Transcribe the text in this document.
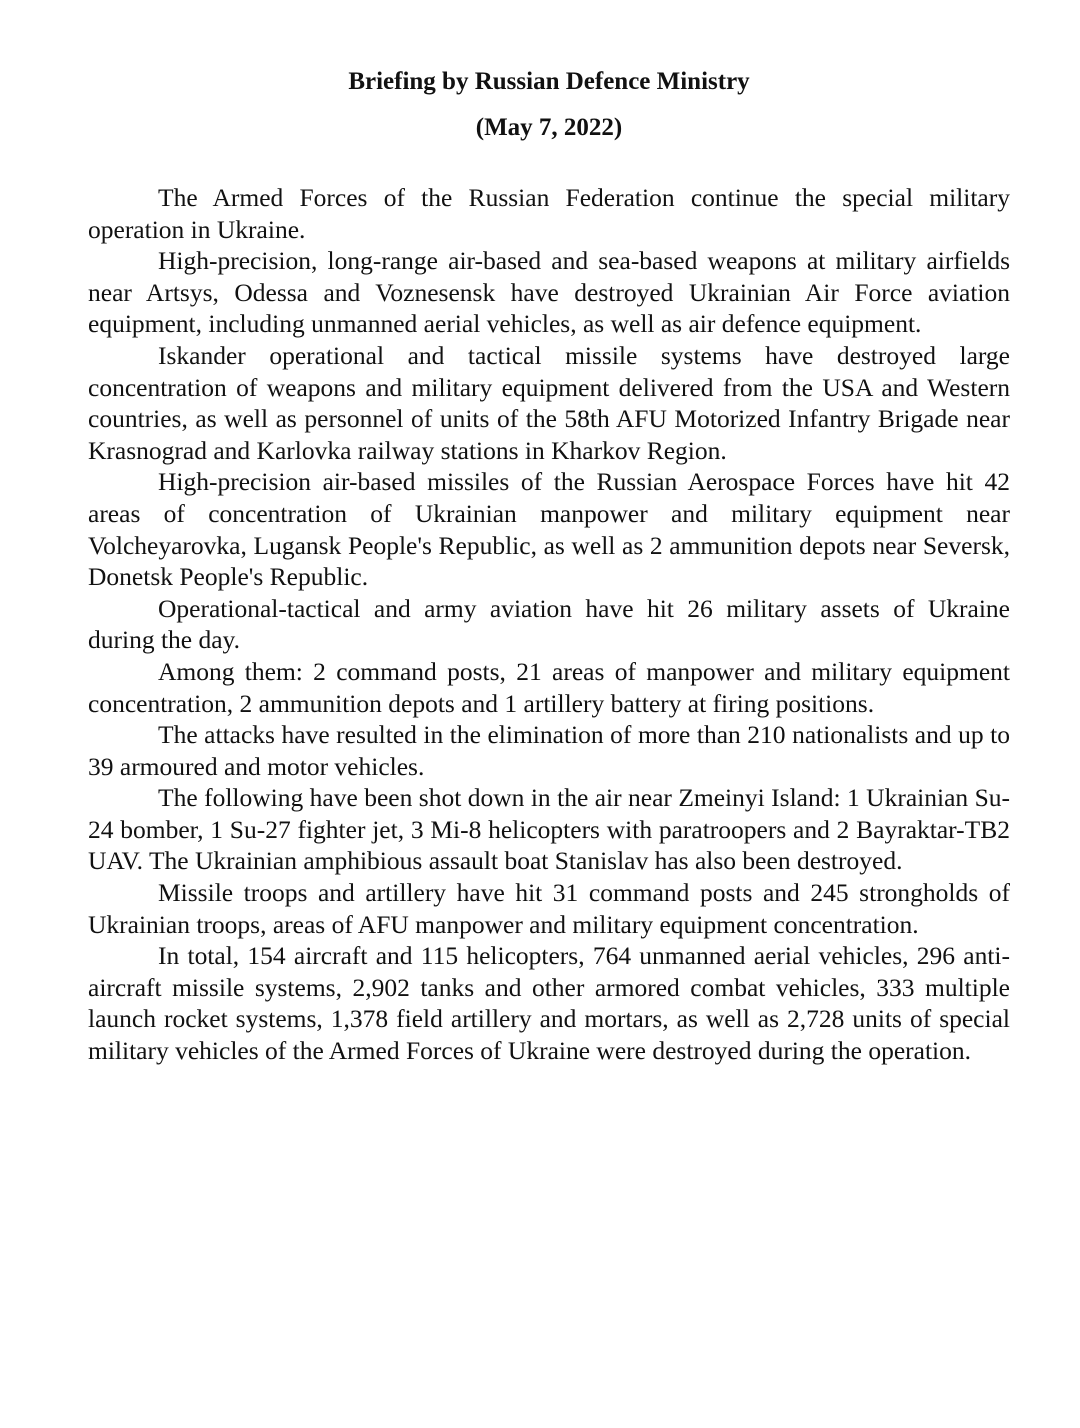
Briefing by Russian Defence Ministry
(May 7, 2022)

The Armed Forces of the Russian Federation continue the special military operation in Ukraine.

High-precision, long-range air-based and sea-based weapons at military airfields near Artsys, Odessa and Voznesensk have destroyed Ukrainian Air Force aviation equipment, including unmanned aerial vehicles, as well as air defence equipment.

Iskander operational and tactical missile systems have destroyed large concentration of weapons and military equipment delivered from the USA and Western countries, as well as personnel of units of the 58th AFU Motorized Infantry Brigade near Krasnograd and Karlovka railway stations in Kharkov Region.

High-precision air-based missiles of the Russian Aerospace Forces have hit 42 areas of concentration of Ukrainian manpower and military equipment near Volcheyarovka, Lugansk People's Republic, as well as 2 ammunition depots near Seversk, Donetsk People's Republic.

Operational-tactical and army aviation have hit 26 military assets of Ukraine during the day.

Among them: 2 command posts, 21 areas of manpower and military equipment concentration, 2 ammunition depots and 1 artillery battery at firing positions.

The attacks have resulted in the elimination of more than 210 nationalists and up to 39 armoured and motor vehicles.

The following have been shot down in the air near Zmeinyi Island: 1 Ukrainian Su-24 bomber, 1 Su-27 fighter jet, 3 Mi-8 helicopters with paratroopers and 2 Bayraktar-TB2 UAV. The Ukrainian amphibious assault boat Stanislav has also been destroyed.

Missile troops and artillery have hit 31 command posts and 245 strongholds of Ukrainian troops, areas of AFU manpower and military equipment concentration.

In total, 154 aircraft and 115 helicopters, 764 unmanned aerial vehicles, 296 anti-aircraft missile systems, 2,902 tanks and other armored combat vehicles, 333 multiple launch rocket systems, 1,378 field artillery and mortars, as well as 2,728 units of special military vehicles of the Armed Forces of Ukraine were destroyed during the operation.
